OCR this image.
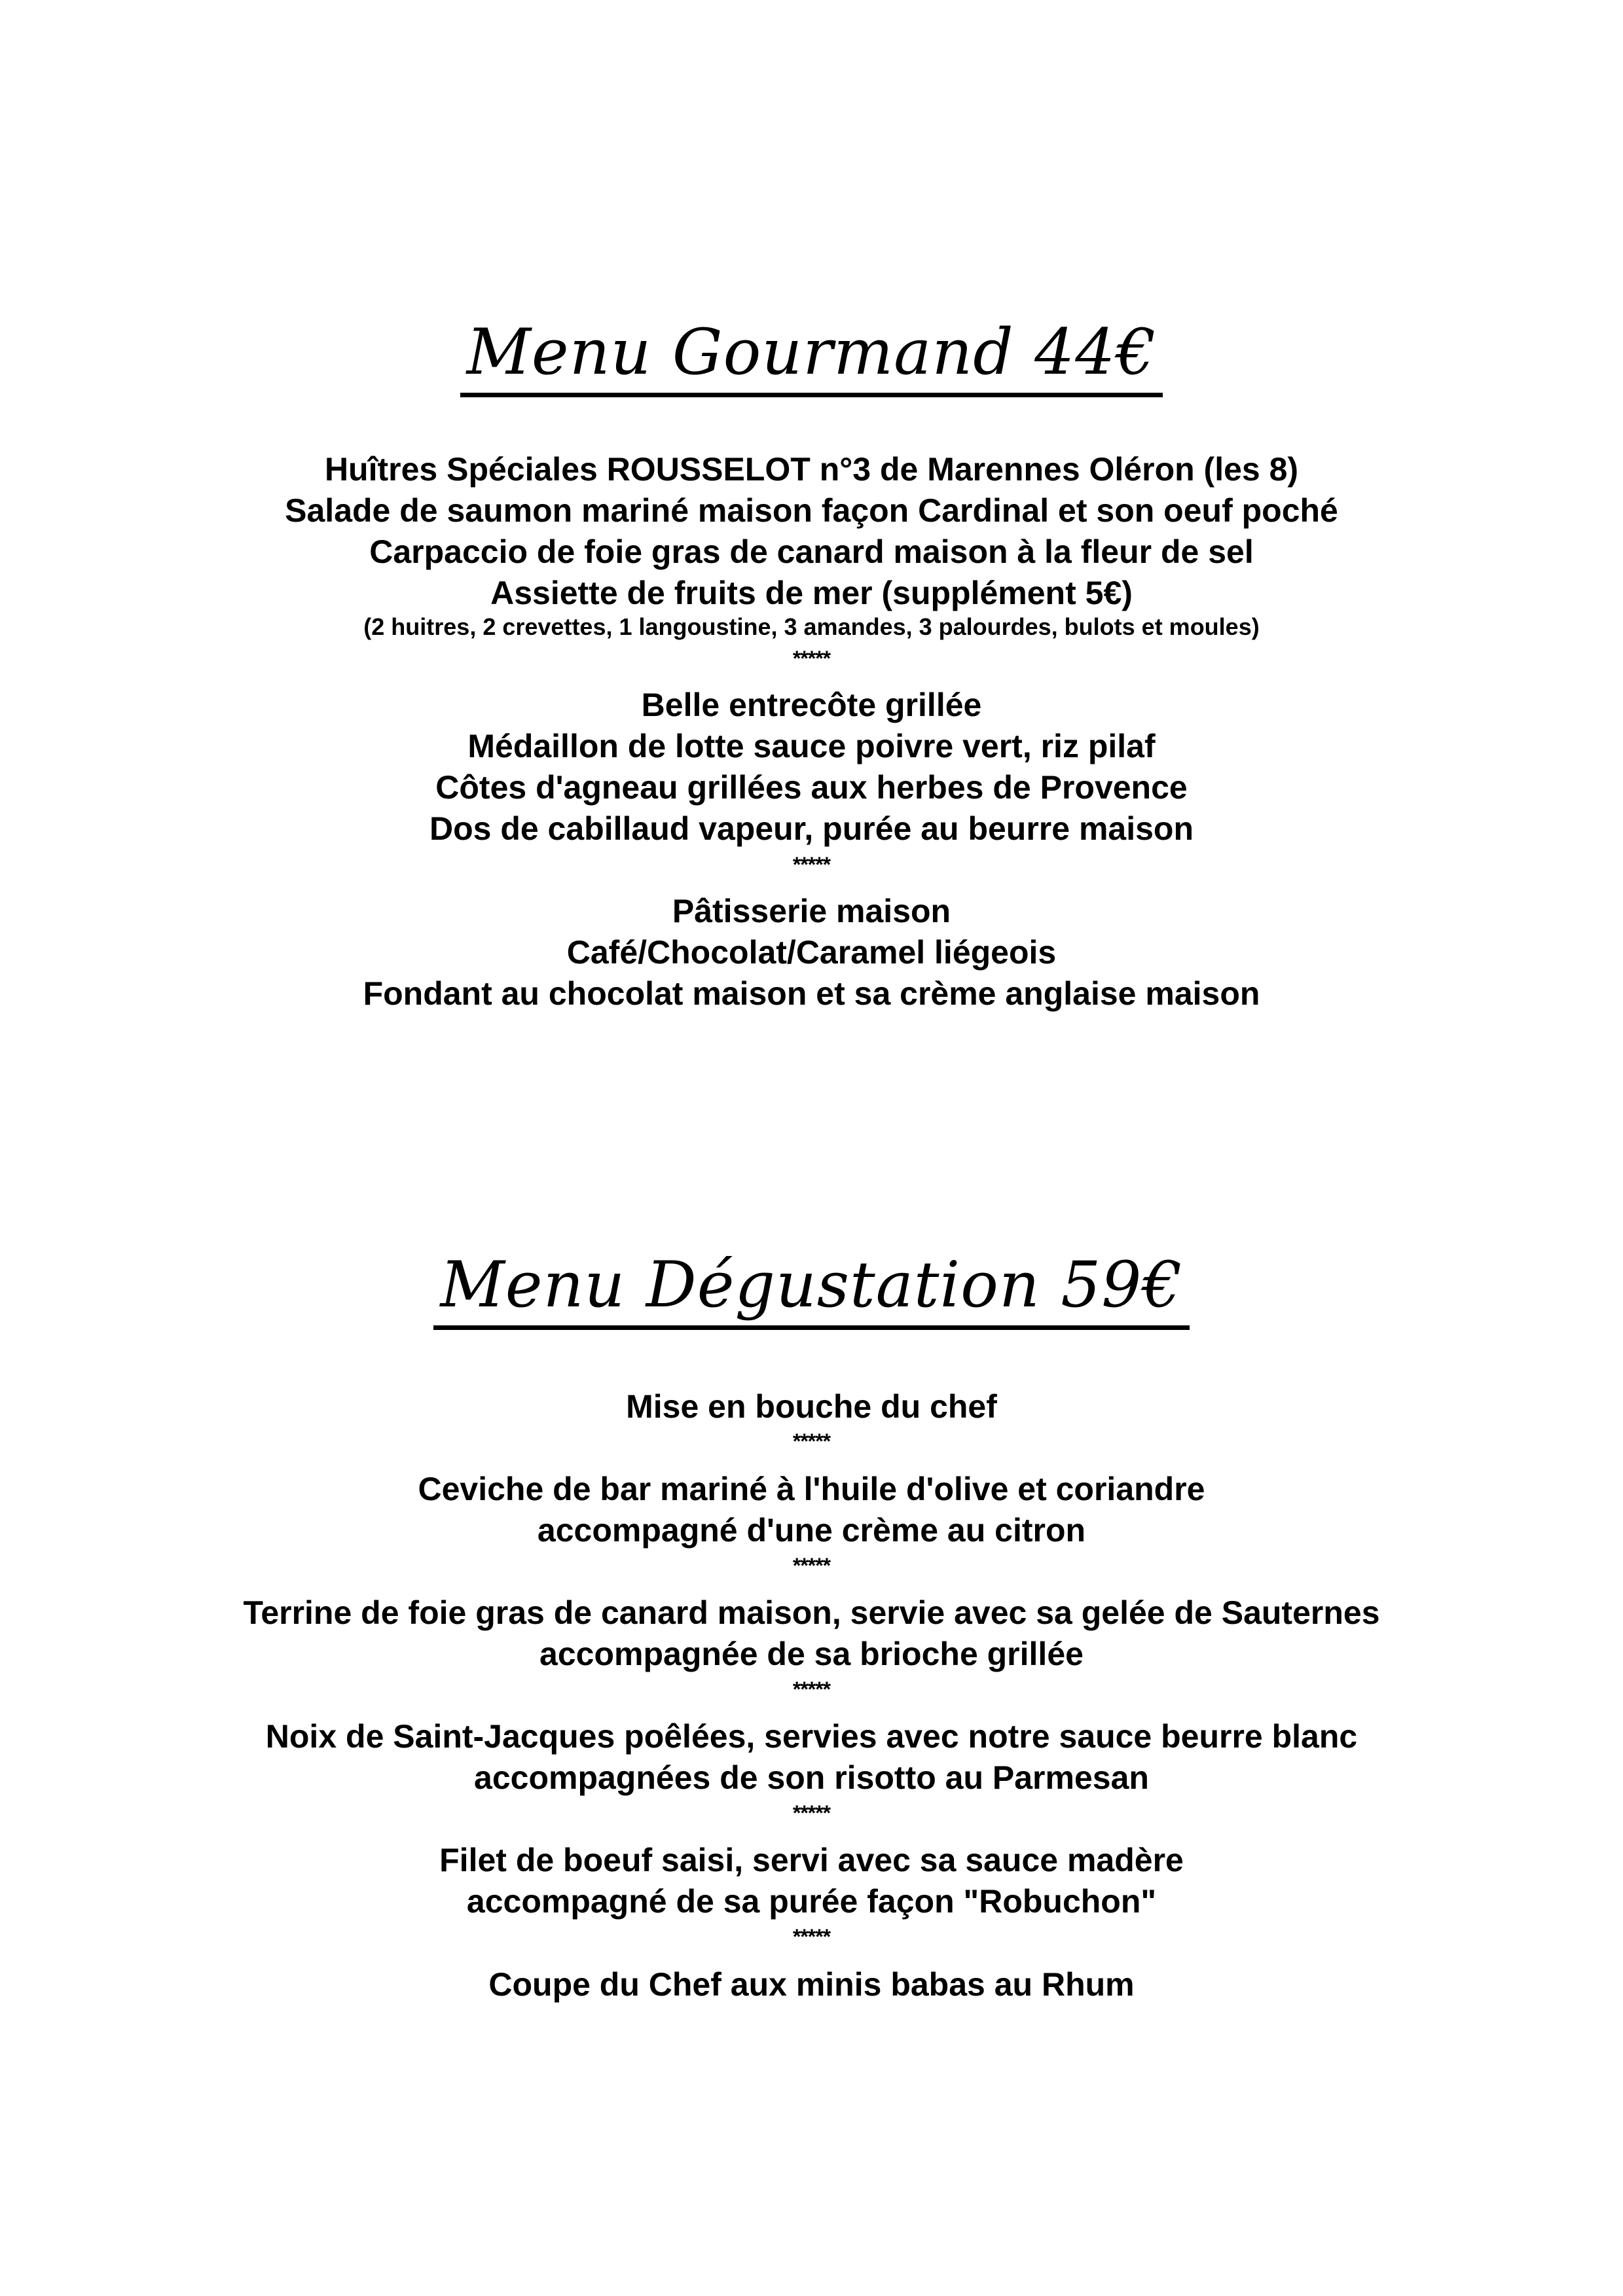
Menu Gourmand 44€
Huîtres Spéciales ROUSSELOT n°3 de Marennes Oléron (les 8)
Salade de saumon mariné maison façon Cardinal et son oeuf poché
Carpaccio de foie gras de canard maison à la fleur de sel
Assiette de fruits de mer (supplément 5€)
(2 huitres, 2 crevettes, 1 langoustine, 3 amandes, 3 palourdes, bulots et moules)
*****
Belle entrecôte grillée
Médaillon de lotte sauce poivre vert, riz pilaf
Côtes d'agneau grillées aux herbes de Provence
Dos de cabillaud vapeur, purée au beurre maison
*****
Pâtisserie maison
Café/Chocolat/Caramel liégeois
Fondant au chocolat maison et sa crème anglaise maison
Menu Dégustation 59€
Mise en bouche du chef
*****
Ceviche de bar mariné à l'huile d'olive et coriandre
accompagné d'une crème au citron
*****
Terrine de foie gras de canard maison, servie avec sa gelée de Sauternes
accompagnée de sa brioche grillée
*****
Noix de Saint-Jacques poêlées, servies avec notre sauce beurre blanc
accompagnées de son risotto au Parmesan
*****
Filet de boeuf saisi, servi avec sa sauce madère
accompagné de sa purée façon "Robuchon"
*****
Coupe du Chef aux minis babas au Rhum
